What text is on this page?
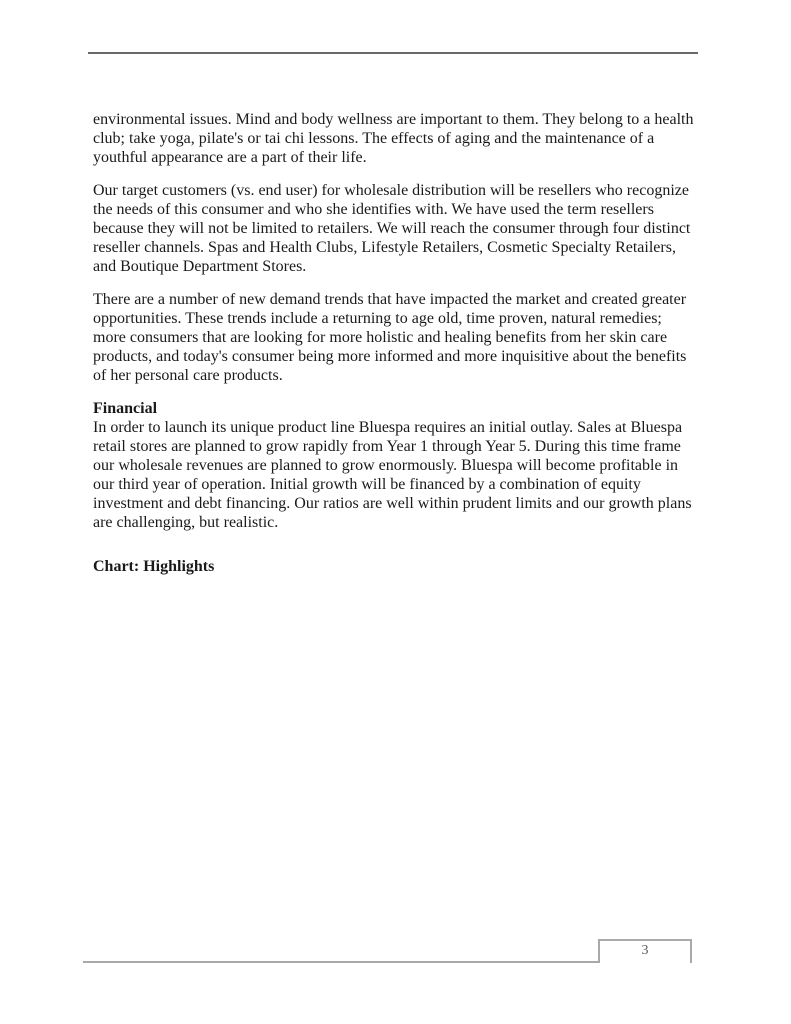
environmental issues. Mind and body wellness are important to them. They belong to a health club; take yoga, pilate's or tai chi lessons. The effects of aging and the maintenance of a youthful appearance are a part of their life.

Our target customers (vs. end user) for wholesale distribution will be resellers who recognize the needs of this consumer and who she identifies with. We have used the term resellers because they will not be limited to retailers. We will reach the consumer through four distinct reseller channels. Spas and Health Clubs, Lifestyle Retailers, Cosmetic Specialty Retailers, and Boutique Department Stores.

There are a number of new demand trends that have impacted the market and created greater opportunities. These trends include a returning to age old, time proven, natural remedies; more consumers that are looking for more holistic and healing benefits from her skin care products, and today's consumer being more informed and more inquisitive about the benefits of her personal care products.

Financial

In order to launch its unique product line Bluespa requires an initial outlay. Sales at Bluespa retail stores are planned to grow rapidly from Year 1 through Year 5. During this time frame our wholesale revenues are planned to grow enormously. Bluespa will become profitable in our third year of operation. Initial growth will be financed by a combination of equity investment and debt financing. Our ratios are well within prudent limits and our growth plans are challenging, but realistic.

Chart: Highlights
3
